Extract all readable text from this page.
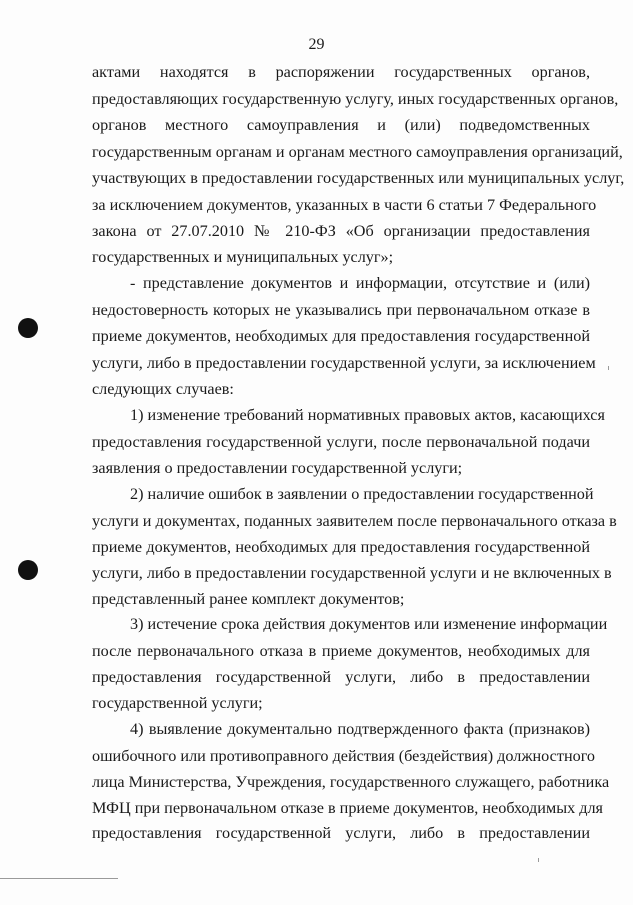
29
актами находятся в распоряжении государственных органов,
предоставляющих государственную услугу, иных государственных органов,
органов местного самоуправления и (или) подведомственных
государственным органам и органам местного самоуправления организаций,
участвующих в предоставлении государственных или муниципальных услуг,
за исключением документов, указанных в части 6 статьи 7 Федерального
закона от 27.07.2010 № 210-ФЗ «Об организации предоставления
государственных и муниципальных услуг»;
- представление документов и информации, отсутствие и (или)
недостоверность которых не указывались при первоначальном отказе в
приеме документов, необходимых для предоставления государственной
услуги, либо в предоставлении государственной услуги, за исключением
следующих случаев:
1) изменение требований нормативных правовых актов, касающихся
предоставления государственной услуги, после первоначальной подачи
заявления о предоставлении государственной услуги;
2) наличие ошибок в заявлении о предоставлении государственной
услуги и документах, поданных заявителем после первоначального отказа в
приеме документов, необходимых для предоставления государственной
услуги, либо в предоставлении государственной услуги и не включенных в
представленный ранее комплект документов;
3) истечение срока действия документов или изменение информации
после первоначального отказа в приеме документов, необходимых для
предоставления государственной услуги, либо в предоставлении
государственной услуги;
4) выявление документально подтвержденного факта (признаков)
ошибочного или противоправного действия (бездействия) должностного
лица Министерства, Учреждения, государственного служащего, работника
МФЦ при первоначальном отказе в приеме документов, необходимых для
предоставления государственной услуги, либо в предоставлении
